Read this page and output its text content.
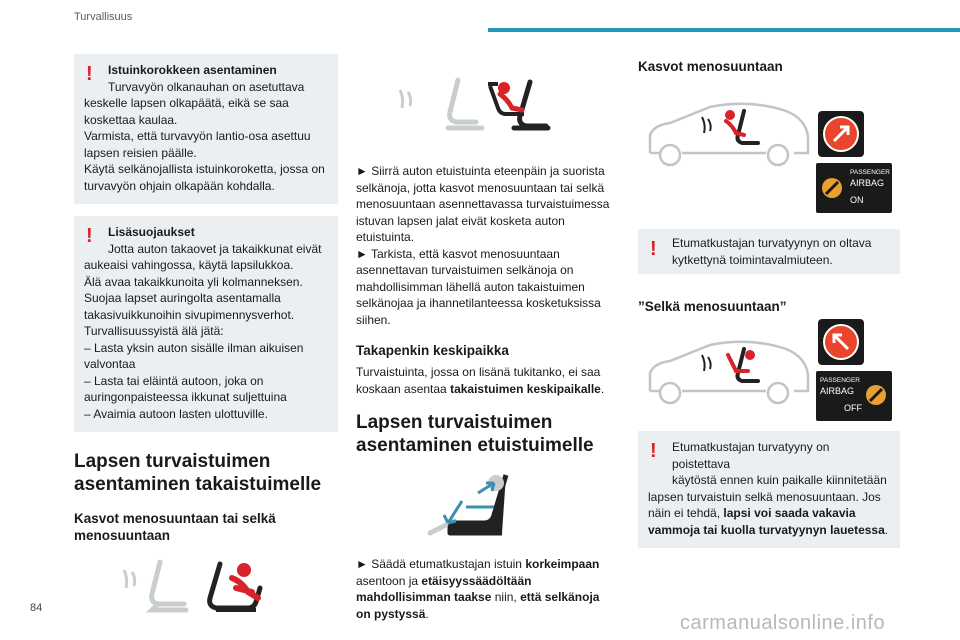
Turvallisuus
! Istuinkorokkeen asentaminen

Turvavyön olkanauhan on asetuttava

keskelle lapsen olkapäätä, eikä se saa

koskettaa kaulaa.

Varmista, että turvavyön lantio-osa asettuu

lapsen reisien päälle.

Käytä selkänojallista istuinkoroketta, jossa on

turvavyön ohjain olkapään kohdalla.

! Lisäsuojaukset

Jotta auton takaovet ja takaikkunat eivät

aukeaisi vahingossa, käytä lapsilukkoa.

Älä avaa takaikkunoita yli kolmanneksen.

Suojaa lapset auringolta asentamalla

takasivuikkunoihin sivupimennysverhot.

Turvallisuussyistä älä jätä:

– Lasta yksin auton sisälle ilman aikuisen

valvontaa

– Lasta tai eläintä autoon, joka on

auringonpaisteessa ikkunat suljettuina

– Avaimia autoon lasten ulottuville.

Lapsen turvaistuimen
asentaminen takaistuimelle
Kasvot menosuuntaan tai selkä
menosuuntaan
► Siirrä auton etuistuinta eteenpäin ja suorista
selkänoja, jotta kasvot menosuuntaan tai selkä
menosuuntaan asennettavassa turvaistuimessa
istuvan lapsen jalat eivät kosketa auton
etuistuinta.
► Tarkista, että kasvot menosuuntaan
asennettavan turvaistuimen selkänoja on
mahdollisimman lähellä auton takaistuimen
selkänojaa ja ihannetilanteessa kosketuksissa
siihen.
Takapenkin keskipaikka
Turvaistuinta, jossa on lisänä tukitanko, ei saa
koskaan asentaa takaistuimen keskipaikalle.
Lapsen turvaistuimen
asentaminen etuistuimelle
► Säädä etumatkustajan istuin korkeimpaan
asentoon ja etäisyyssäädöltään
mahdollisimman taakse niin, että selkänoja
on pystyssä.
Kasvot menosuuntaan
PASSENGER
AIRBAG
ON
! Etumatkustajan turvatyynyn on oltava

kytkettynä toimintavalmiuteen.

”Selkä menosuuntaan”
PASSENGER
AIRBAG
OFF
! Etumatkustajan turvatyyny on poistettava

käytöstä ennen kuin paikalle kiinnitetään

lapsen turvaistuin selkä menosuuntaan. Jos

näin ei tehdä, lapsi voi saada vakavia

vammoja tai kuolla turvatyynyn lauetessa.

84
carmanualsonline.info
